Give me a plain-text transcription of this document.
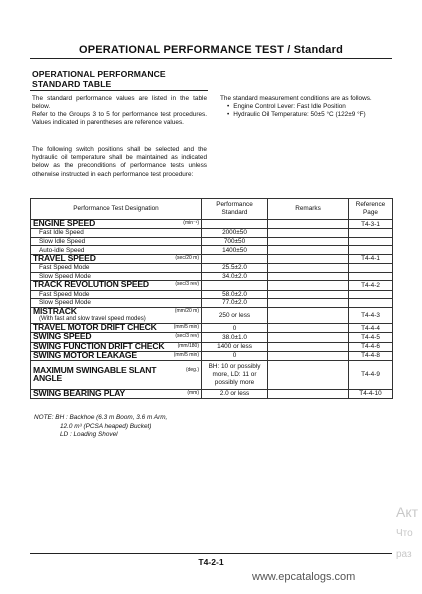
OPERATIONAL PERFORMANCE TEST / Standard
OPERATIONAL PERFORMANCE STANDARD TABLE
The standard performance values are listed in the table below.
Refer to the Groups 3 to 5 for performance test procedures. Values indicated in parentheses are reference values.
The following switch positions shall be selected and the hydraulic oil temperature shall be maintained as indicated below as the preconditions of performance tests unless otherwise instructed in each performance test procedure:
The standard measurement conditions are as follows.
• Engine Control Lever: Fast Idle Position
• Hydraulic Oil Temperature: 50±5 °C (122±9 °F)
Performance Test Designation	Performance Standard	Remarks	Reference Page

(min⁻¹)
ENGINE SPEED			T4-3-1
Fast Idle Speed	2000±50		
Slow Idle Speed	700±50		
Auto-idle Speed	1400±50		

(sec/20 m)
TRAVEL SPEED			T4-4-1
Fast Speed Mode	25.5±2.0		
Slow Speed Mode	34.0±2.0		

(sec/3 rev)
TRACK REVOLUTION SPEED			T4-4-2
Fast Speed Mode	58.0±2.0		
Slow Speed Mode	77.0±2.0		

(mm/20 m)
MISTRACK
(With fast and slow travel speed modes)	250 or less		T4-4-3

(mm/5 min)
TRAVEL MOTOR DRIFT CHECK	0		T4-4-4

(sec/3 rev)
SWING SPEED	38.0±1.0		T4-4-5

(mm/180)
SWING FUNCTION DRIFT CHECK	1400 or less		T4-4-6

(mm/5 min)
SWING MOTOR LEAKAGE	0		T4-4-8

(deg.)
MAXIMUM SWINGABLE SLANT ANGLE	BH: 10 or possibly more, LD: 11 or possibly more		T4-4-9

(mm)
SWING BEARING PLAY	2.0 or less		T4-4-10
NOTE: BH : Backhoe (6.3 m Boom, 3.6 m Arm,
12.0 m³ (PCSA heaped) Bucket)
LD : Loading Shovel
T4-2-1
www.epcatalogs.com
Акт
Что
раз
